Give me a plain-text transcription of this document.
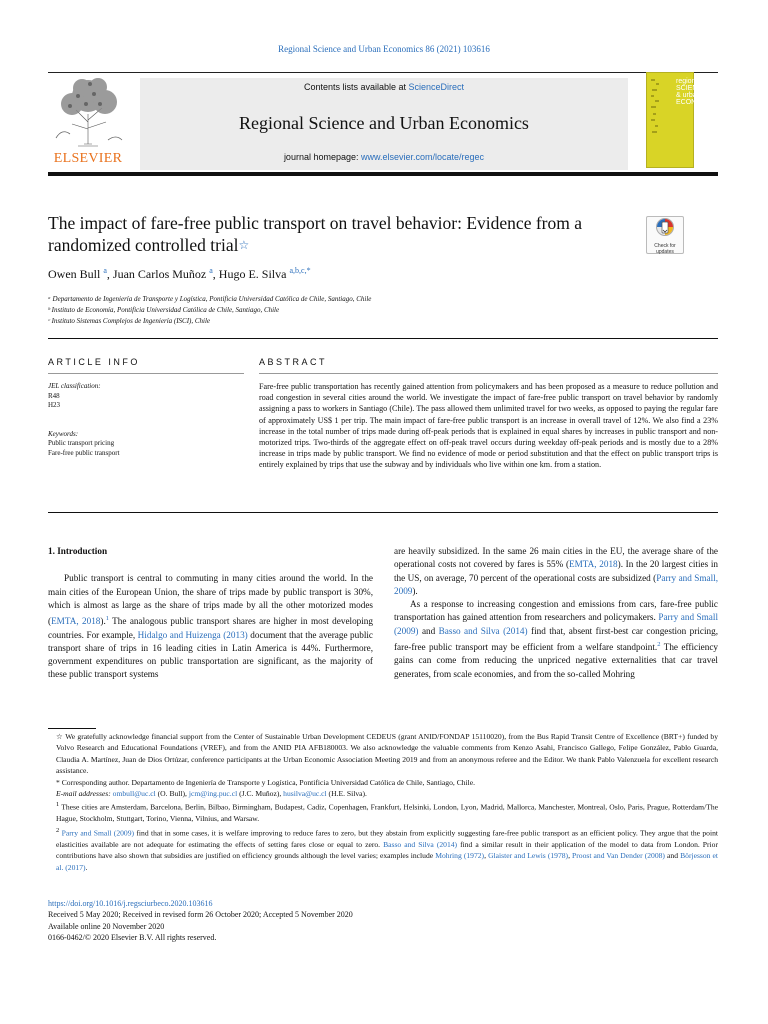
Regional Science and Urban Economics 86 (2021) 103616
ELSEVIER
Contents lists available at ScienceDirect
Regional Science and Urban Economics
journal homepage: www.elsevier.com/locate/regec
regional SCIENCE & urban ECONOMICS
The impact of fare-free public transport on travel behavior: Evidence from a randomized controlled trial☆	Check for updates
Owen Bull $^a$, Juan Carlos Muñoz $^a$, Hugo E. Silva $^{a,b,c,*}$
ᵃ Departamento de Ingeniería de Transporte y Logística, Pontificia Universidad Católica de Chile, Santiago, Chile
ᵇ Instituto de Economía, Pontificia Universidad Católica de Chile, Santiago, Chile
ᶜ Instituto Sistemas Complejos de Ingeniería (ISCI), Chile
ARTICLE INFO	ABSTRACT
JEL classification:
R48
H23
Keywords:
Public transport pricing
Fare-free public transport
Fare-free public transportation has recently gained attention from policymakers and has been proposed as a measure to reduce pollution and road congestion in several cities around the world. We investigate the impact of fare-free public transport on travel behavior by randomly assigning a pass to workers in Santiago (Chile). The pass allowed them unlimited travel for two weeks, as opposed to paying the regular fare of approximately US$ 1 per trip. The main impact of fare-free public transport is an increase in overall travel of 12%. We also find a 23% increase in the total number of trips made during off-peak periods that is explained in equal shares by increases in public transport and non-motorized trips. Two-thirds of the aggregate effect on off-peak travel occurs during weekday off-peak periods and is mostly due to a 28% increase in trips made by public transport. We find no evidence of mode or period substitution and that the effect on public transport trips is entirely explained by trips that use the subway and by individuals who live within one km. from a station.
1. Introduction

Public transport is central to commuting in many cities around the world. In the main cities of the European Union, the share of trips made by public transport is 30%, which is almost as large as the share of trips made by all the other motorized modes (EMTA, 2018).$^1$ The analogous public transport shares are higher in most developing countries. For example, Hidalgo and Huizenga (2013) document that the average public transport share of trips in 16 leading cities in Latin America is 44%. Furthermore, government expenditures on public transportation are significant, as the majority of these public transport systems

are heavily subsidized. In the same 26 main cities in the EU, the average share of the operational costs not covered by fares is 55% (EMTA, 2018). In the 20 largest cities in the US, on average, 70 percent of the operational costs are subsidized (Parry and Small, 2009).

As a response to increasing congestion and emissions from cars, fare-free public transportation has gained attention from researchers and policymakers. Parry and Small (2009) and Basso and Silva (2014) find that, absent first-best car congestion pricing, fare-free public transport may be efficient from a welfare standpoint.$^2$ The efficiency gains can come from reducing the unpriced negative externalities that car travel generates, from scale economies, and from the so-called Mohring

☆ We gratefully acknowledge financial support from the Center of Sustainable Urban Development CEDEUS (grant ANID/FONDAP 15110020), from the Bus Rapid Transit Centre of Excellence (BRT+) funded by Volvo Research and Educational Foundations (VREF), and from the ANID PIA AFB180003. We also acknowledge the valuable comments from Kenzo Asahi, Francisco Gallego, Felipe González, Pablo Guarda, Claudia A. Martínez, Juan de Dios Ortúzar, conference participants at the Urban Economic Association Meeting 2019 and from an anonymous referee and the Editor. We thank Pablo Valenzuela for excellent research assistance.

* Corresponding author. Departamento de Ingeniería de Transporte y Logística, Pontificia Universidad Católica de Chile, Santiago, Chile.

E-mail addresses: ombull@uc.cl (O. Bull), jcm@ing.puc.cl (J.C. Muñoz), husilva@uc.cl (H.E. Silva).

1 These cities are Amsterdam, Barcelona, Berlin, Bilbao, Birmingham, Budapest, Cadiz, Copenhagen, Frankfurt, Helsinki, London, Lyon, Madrid, Mallorca, Manchester, Montreal, Oslo, Paris, Prague, Rotterdam/The Hague, Stockholm, Stuttgart, Torino, Vienna, Vilnius, and Warsaw.

2 Parry and Small (2009) find that in some cases, it is welfare improving to reduce fares to zero, but they abstain from explicitly suggesting fare-free public transport as an efficient policy. They argue that the point elasticities available are not adequate for estimating the effects of setting fares close or equal to zero. Basso and Silva (2014) find a similar result in their application of the model to data from London. Prior contributions have also shown that subsidies are justified on efficiency grounds although the level varies; examples include Mohring (1972), Glaister and Lewis (1978), Proost and Van Dender (2008) and Börjesson et al. (2017).

https://doi.org/10.1016/j.regsciurbeco.2020.103616
Received 5 May 2020; Received in revised form 26 October 2020; Accepted 5 November 2020
Available online 20 November 2020
0166-0462/© 2020 Elsevier B.V. All rights reserved.
